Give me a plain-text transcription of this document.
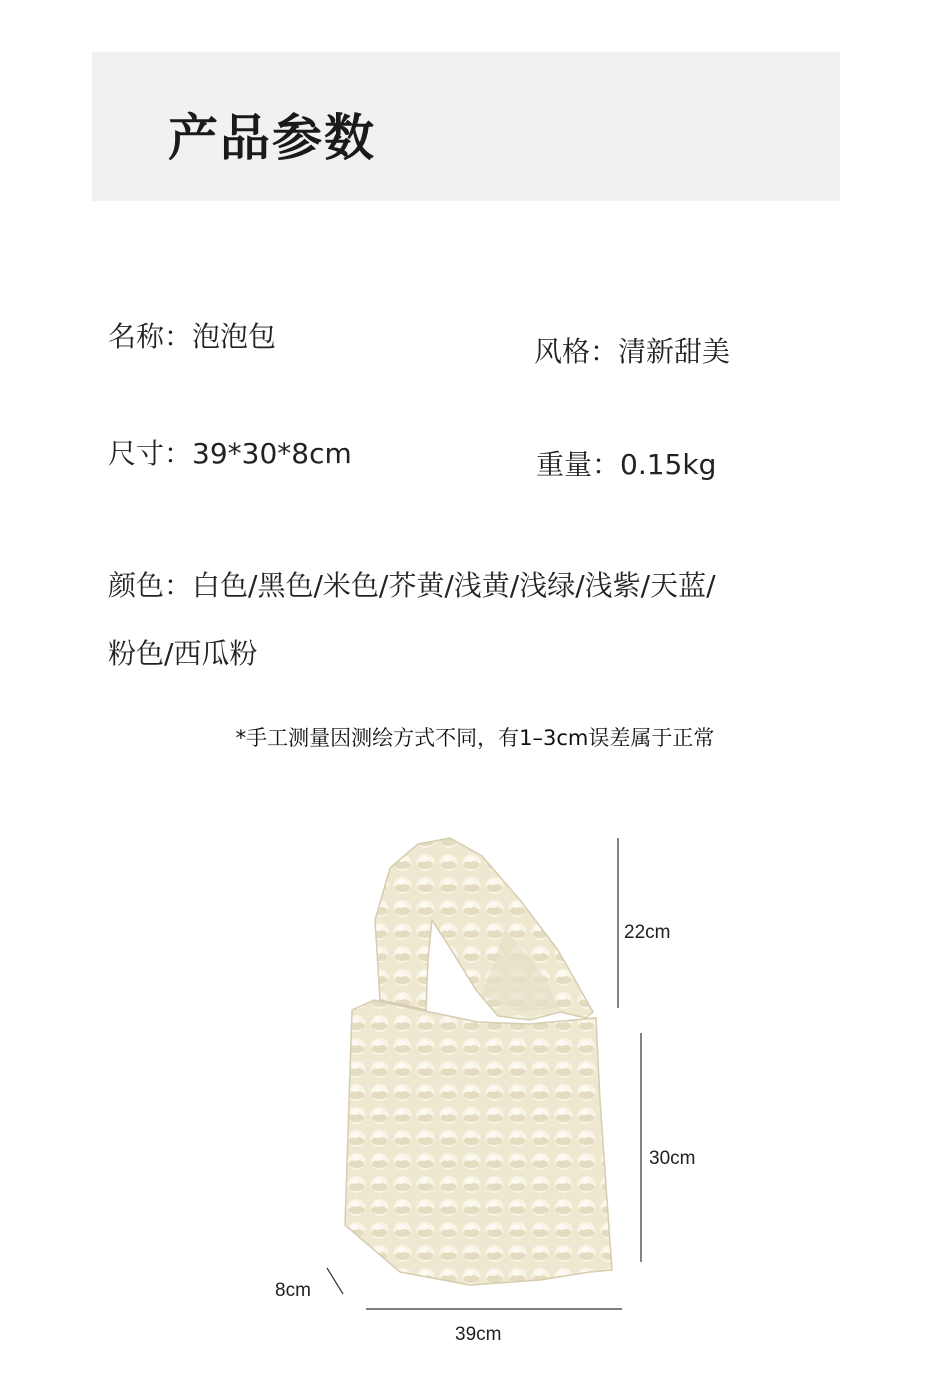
产品参数
名称 ： 泡泡包	风格 ： 清新甜美
尺寸 ： 39*30*8cm	重量 ： 0.15kg
颜色 ： 白色/黑色/米色/芥黄/浅黄/浅绿/浅紫/天蓝/
粉色/西瓜粉
*手工测量因测绘方式不同，有1–3cm误差属于正常
22cm
30cm
8cm
39cm
